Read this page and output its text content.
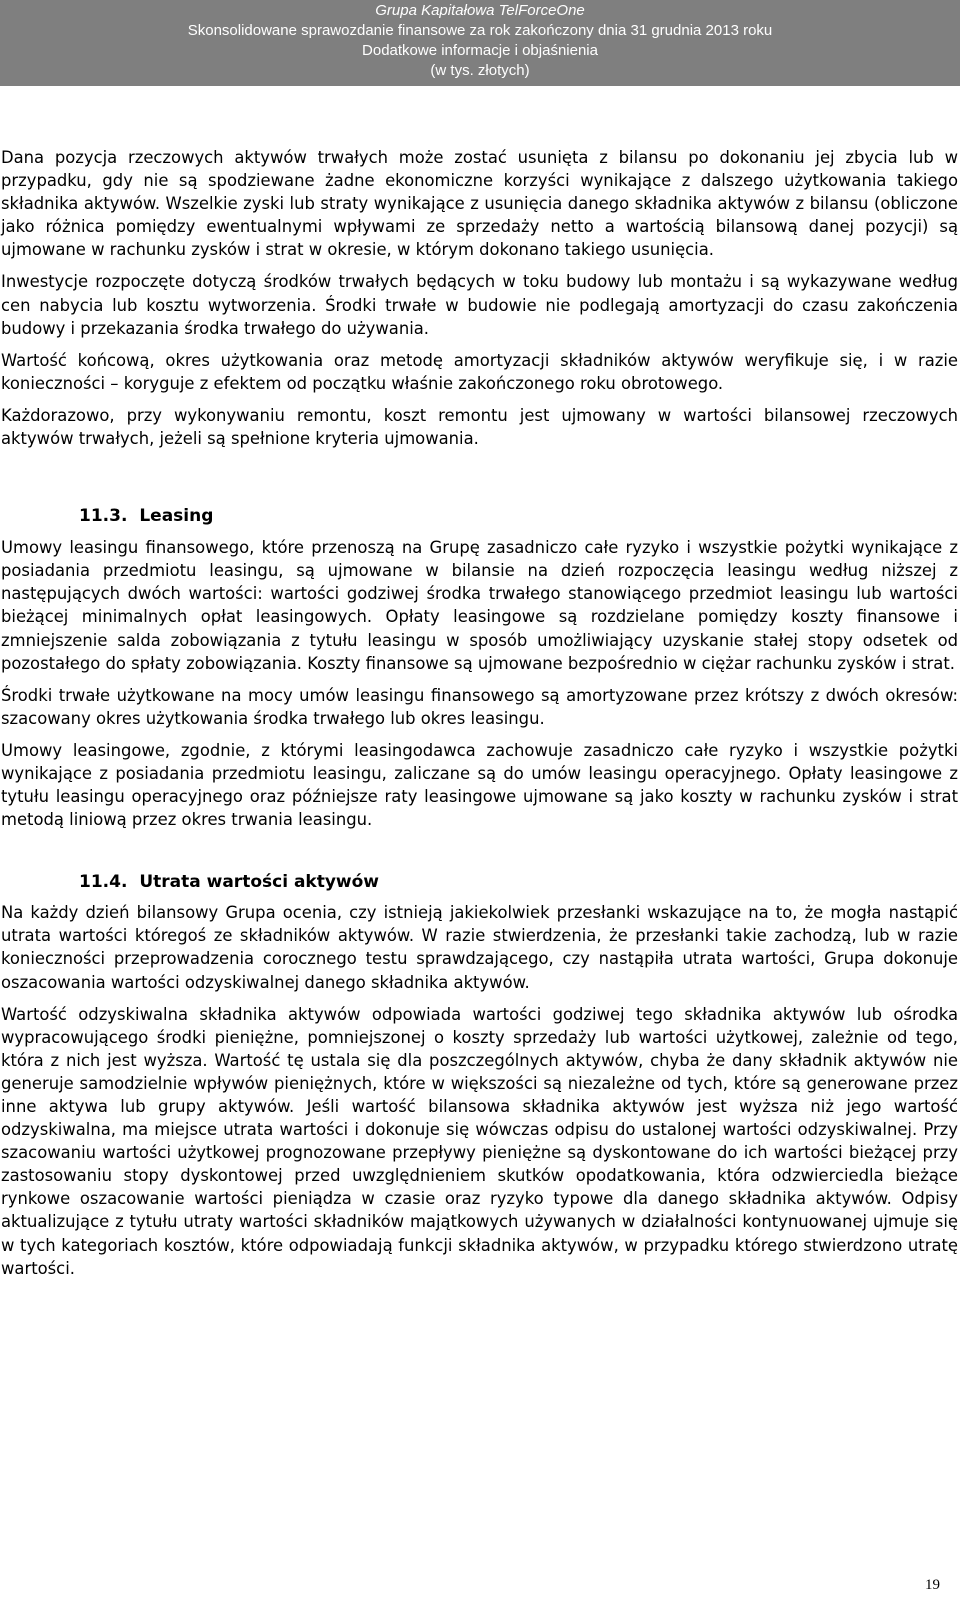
Grupa Kapitałowa TelForceOne
Skonsolidowane sprawozdanie finansowe za rok zakończony dnia 31 grudnia 2013 roku
Dodatkowe informacje i objaśnienia
(w tys. złotych)

Dana pozycja rzeczowych aktywów trwałych może zostać usunięta z bilansu po dokonaniu jej zbycia lub w przypadku, gdy nie są spodziewane żadne ekonomiczne korzyści wynikające z dalszego użytkowania takiego składnika aktywów. Wszelkie zyski lub straty wynikające z usunięcia danego składnika aktywów z bilansu (obliczone jako różnica pomiędzy ewentualnymi wpływami ze sprzedaży netto a wartością bilansową danej pozycji) są ujmowane w rachunku zysków i strat w okresie, w którym dokonano takiego usunięcia.

Inwestycje rozpoczęte dotyczą środków trwałych będących w toku budowy lub montażu i są wykazywane według cen nabycia lub kosztu wytworzenia. Środki trwałe w budowie nie podlegają amortyzacji do czasu zakończenia budowy i przekazania środka trwałego do używania.

Wartość końcową, okres użytkowania oraz metodę amortyzacji składników aktywów weryfikuje się, i w razie konieczności – koryguje z efektem od początku właśnie zakończonego roku obrotowego.

Każdorazowo, przy wykonywaniu remontu, koszt remontu jest ujmowany w wartości bilansowej rzeczowych aktywów trwałych, jeżeli są spełnione kryteria ujmowania.

11.3. Leasing

Umowy leasingu finansowego, które przenoszą na Grupę zasadniczo całe ryzyko i wszystkie pożytki wynikające z posiadania przedmiotu leasingu, są ujmowane w bilansie na dzień rozpoczęcia leasingu według niższej z następujących dwóch wartości: wartości godziwej środka trwałego stanowiącego przedmiot leasingu lub wartości bieżącej minimalnych opłat leasingowych. Opłaty leasingowe są rozdzielane pomiędzy koszty finansowe i zmniejszenie salda zobowiązania z tytułu leasingu w sposób umożliwiający uzyskanie stałej stopy odsetek od pozostałego do spłaty zobowiązania. Koszty finansowe są ujmowane bezpośrednio w ciężar rachunku zysków i strat.

Środki trwałe użytkowane na mocy umów leasingu finansowego są amortyzowane przez krótszy z dwóch okresów: szacowany okres użytkowania środka trwałego lub okres leasingu.

Umowy leasingowe, zgodnie, z którymi leasingodawca zachowuje zasadniczo całe ryzyko i wszystkie pożytki wynikające z posiadania przedmiotu leasingu, zaliczane są do umów leasingu operacyjnego. Opłaty leasingowe z tytułu leasingu operacyjnego oraz późniejsze raty leasingowe ujmowane są jako koszty w rachunku zysków i strat metodą liniową przez okres trwania leasingu.

11.4. Utrata wartości aktywów

Na każdy dzień bilansowy Grupa ocenia, czy istnieją jakiekolwiek przesłanki wskazujące na to, że mogła nastąpić utrata wartości któregoś ze składników aktywów. W razie stwierdzenia, że przesłanki takie zachodzą, lub w razie konieczności przeprowadzenia corocznego testu sprawdzającego, czy nastąpiła utrata wartości, Grupa dokonuje oszacowania wartości odzyskiwalnej danego składnika aktywów.

Wartość odzyskiwalna składnika aktywów odpowiada wartości godziwej tego składnika aktywów lub ośrodka wypracowującego środki pieniężne, pomniejszonej o koszty sprzedaży lub wartości użytkowej, zależnie od tego, która z nich jest wyższa. Wartość tę ustala się dla poszczególnych aktywów, chyba że dany składnik aktywów nie generuje samodzielnie wpływów pieniężnych, które w większości są niezależne od tych, które są generowane przez inne aktywa lub grupy aktywów. Jeśli wartość bilansowa składnika aktywów jest wyższa niż jego wartość odzyskiwalna, ma miejsce utrata wartości i dokonuje się wówczas odpisu do ustalonej wartości odzyskiwalnej. Przy szacowaniu wartości użytkowej prognozowane przepływy pieniężne są dyskontowane do ich wartości bieżącej przy zastosowaniu stopy dyskontowej przed uwzględnieniem skutków opodatkowania, która odzwierciedla bieżące rynkowe oszacowanie wartości pieniądza w czasie oraz ryzyko typowe dla danego składnika aktywów. Odpisy aktualizujące z tytułu utraty wartości składników majątkowych używanych w działalności kontynuowanej ujmuje się w tych kategoriach kosztów, które odpowiadają funkcji składnika aktywów, w przypadku którego stwierdzono utratę wartości.

19
